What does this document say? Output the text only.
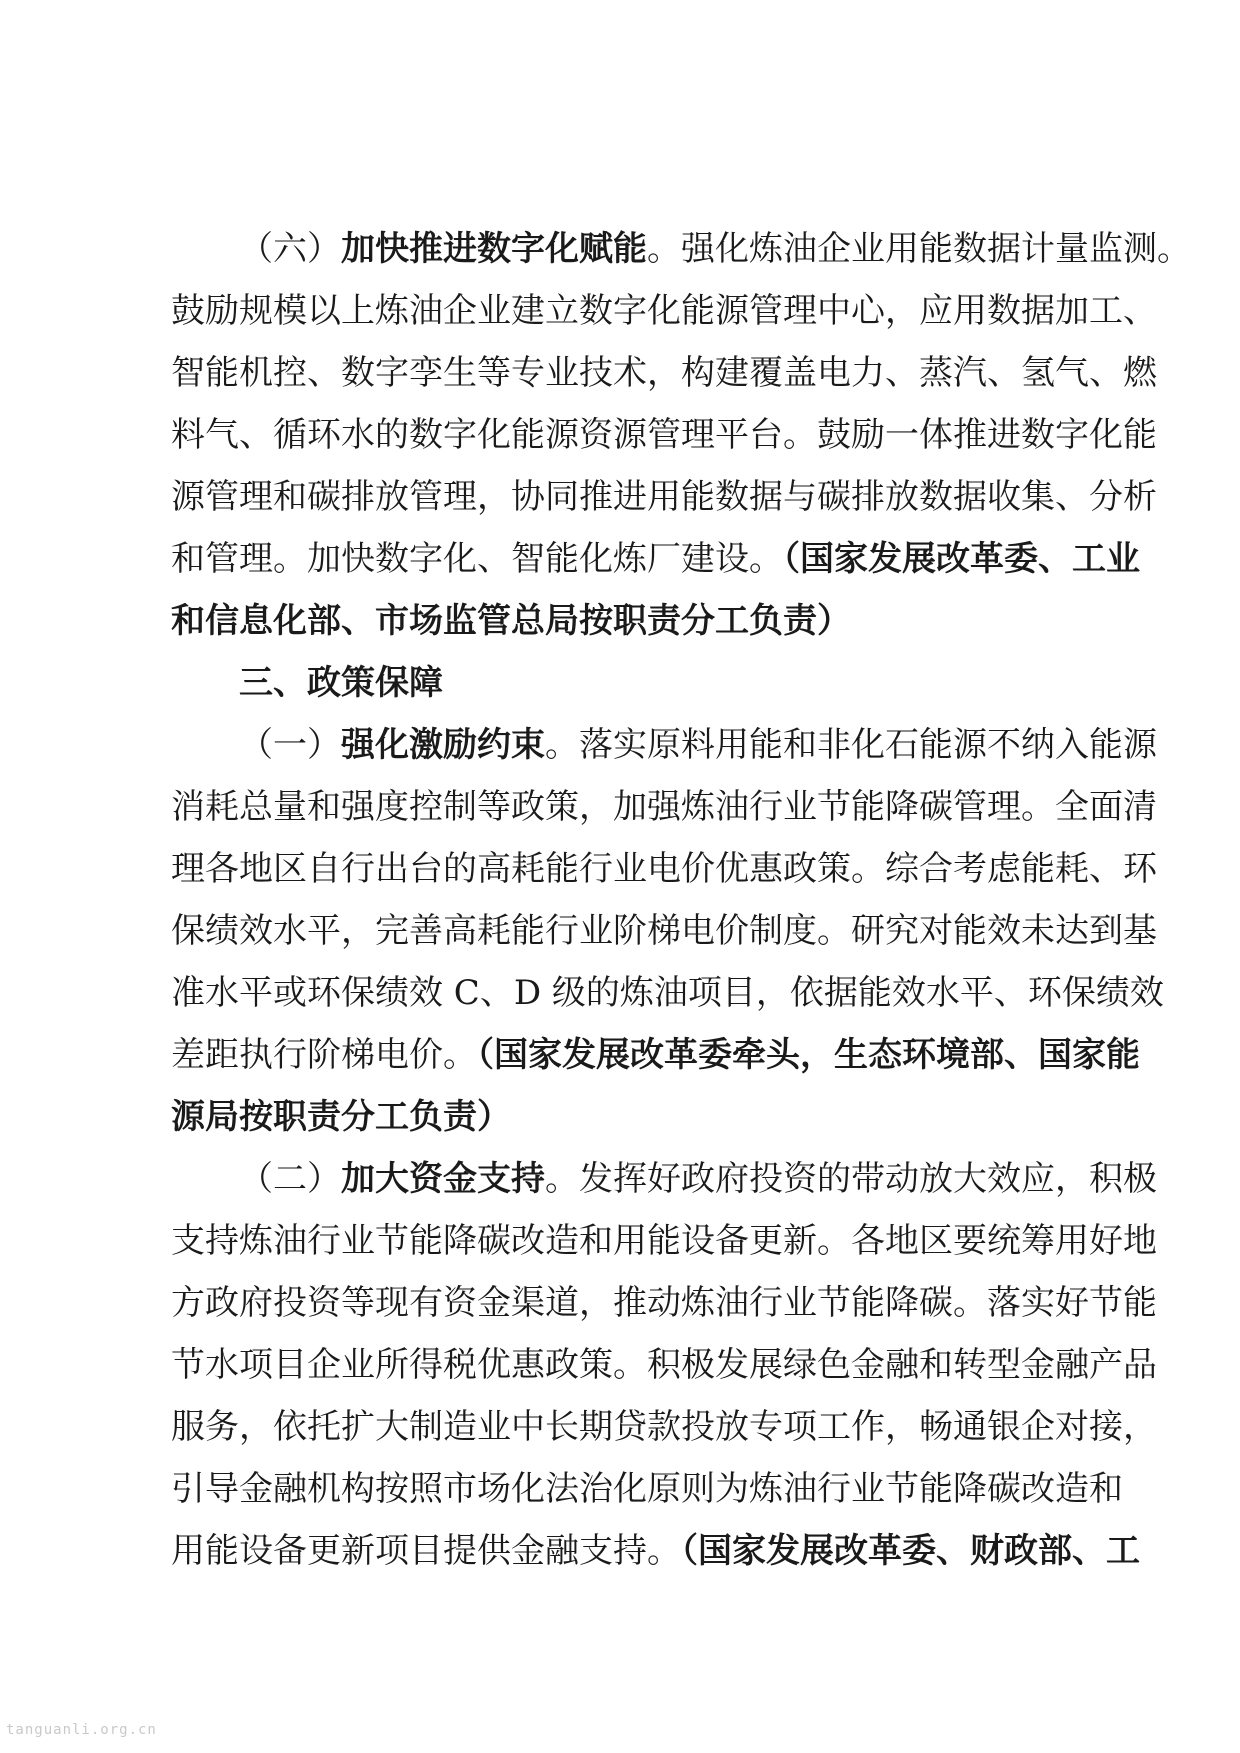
（六）加快推进数字化赋能。强化炼油企业用能数据计量监测。
鼓励规模以上炼油企业建立数字化能源管理中心，应用数据加工、
智能机控、数字孪生等专业技术，构建覆盖电力、蒸汽、氢气、燃
料气、循环水的数字化能源资源管理平台。鼓励一体推进数字化能
源管理和碳排放管理，协同推进用能数据与碳排放数据收集、分析
和管理。加快数字化、智能化炼厂建设。（国家发展改革委、工业
和信息化部、市场监管总局按职责分工负责）
三、政策保障
（一）强化激励约束。落实原料用能和非化石能源不纳入能源
消耗总量和强度控制等政策，加强炼油行业节能降碳管理。全面清
理各地区自行出台的高耗能行业电价优惠政策。综合考虑能耗、环
保绩效水平，完善高耗能行业阶梯电价制度。研究对能效未达到基
准水平或环保绩效 C、D 级的炼油项目，依据能效水平、环保绩效
差距执行阶梯电价。（国家发展改革委牵头，生态环境部、国家能
源局按职责分工负责）
（二）加大资金支持。发挥好政府投资的带动放大效应，积极
支持炼油行业节能降碳改造和用能设备更新。各地区要统筹用好地
方政府投资等现有资金渠道，推动炼油行业节能降碳。落实好节能
节水项目企业所得税优惠政策。积极发展绿色金融和转型金融产品
服务，依托扩大制造业中长期贷款投放专项工作，畅通银企对接，
引导金融机构按照市场化法治化原则为炼油行业节能降碳改造和
用能设备更新项目提供金融支持。（国家发展改革委、财政部、工
tanguanli.org.cn
